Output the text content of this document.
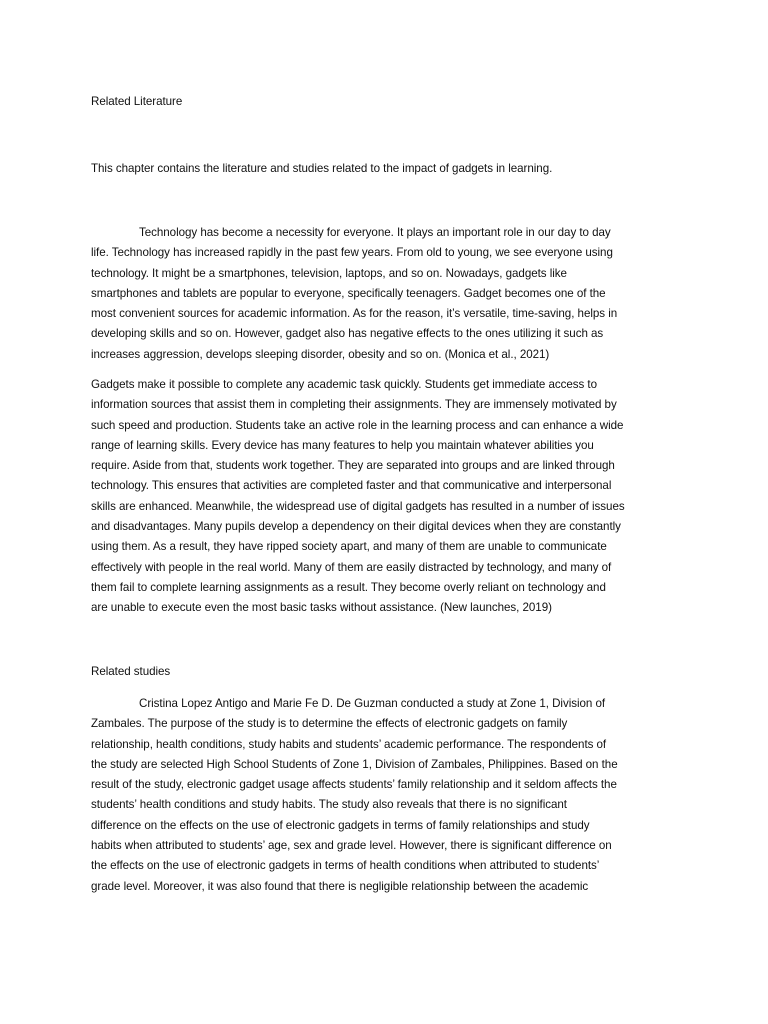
Related Literature
This chapter contains the literature and studies related to the impact of gadgets in learning.
Technology has become a necessity for everyone. It plays an important role in our day to day
life. Technology has increased rapidly in the past few years. From old to young, we see everyone using
technology. It might be a smartphones, television, laptops, and so on. Nowadays, gadgets like
smartphones and tablets are popular to everyone, specifically teenagers. Gadget becomes one of the
most convenient sources for academic information. As for the reason, it’s versatile, time-saving, helps in
developing skills and so on. However, gadget also has negative effects to the ones utilizing it such as
increases aggression, develops sleeping disorder, obesity and so on. (Monica et al., 2021)
Gadgets make it possible to complete any academic task quickly. Students get immediate access to
information sources that assist them in completing their assignments. They are immensely motivated by
such speed and production. Students take an active role in the learning process and can enhance a wide
range of learning skills. Every device has many features to help you maintain whatever abilities you
require. Aside from that, students work together. They are separated into groups and are linked through
technology. This ensures that activities are completed faster and that communicative and interpersonal
skills are enhanced. Meanwhile, the widespread use of digital gadgets has resulted in a number of issues
and disadvantages. Many pupils develop a dependency on their digital devices when they are constantly
using them. As a result, they have ripped society apart, and many of them are unable to communicate
effectively with people in the real world. Many of them are easily distracted by technology, and many of
them fail to complete learning assignments as a result. They become overly reliant on technology and
are unable to execute even the most basic tasks without assistance. (New launches, 2019)
Related studies
Cristina Lopez Antigo and Marie Fe D. De Guzman conducted a study at Zone 1, Division of
Zambales. The purpose of the study is to determine the effects of electronic gadgets on family
relationship, health conditions, study habits and students’ academic performance. The respondents of
the study are selected High School Students of Zone 1, Division of Zambales, Philippines. Based on the
result of the study, electronic gadget usage affects students’ family relationship and it seldom affects the
students’ health conditions and study habits. The study also reveals that there is no significant
difference on the effects on the use of electronic gadgets in terms of family relationships and study
habits when attributed to students’ age, sex and grade level. However, there is significant difference on
the effects on the use of electronic gadgets in terms of health conditions when attributed to students’
grade level. Moreover, it was also found that there is negligible relationship between the academic
